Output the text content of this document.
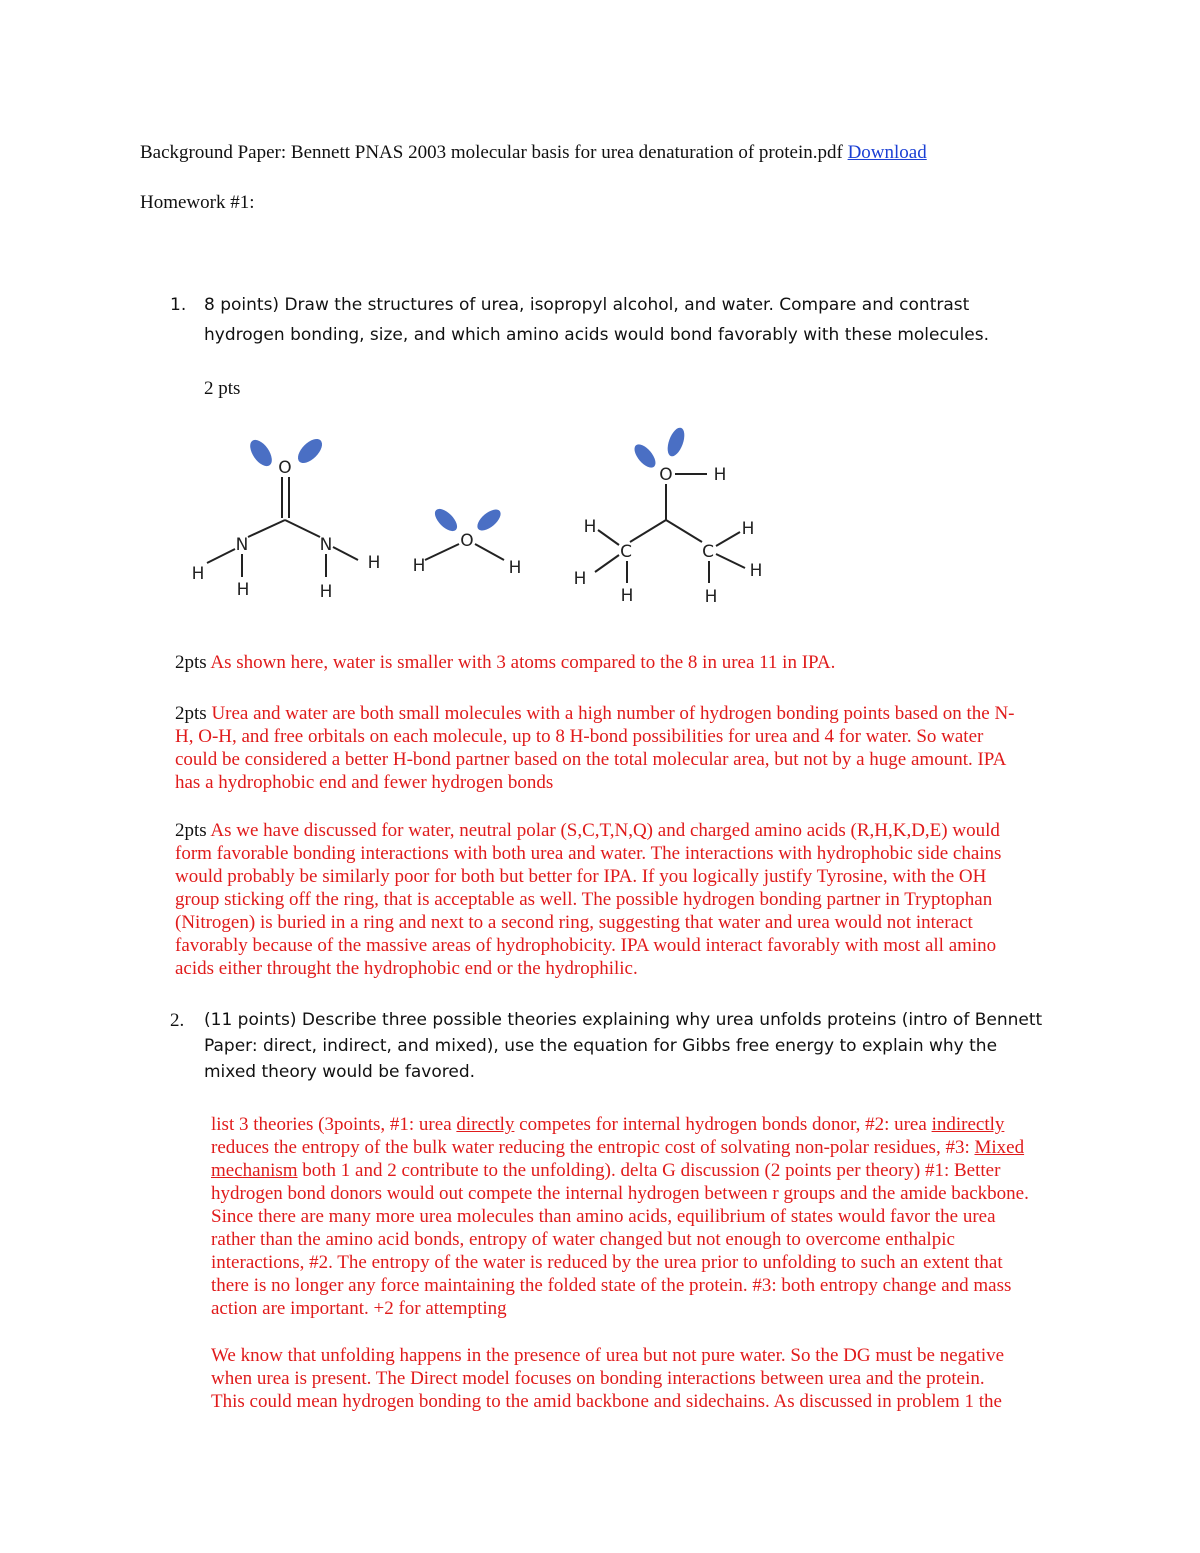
Background Paper: Bennett PNAS 2003 molecular basis for urea denaturation of protein.pdf Download
Homework #1:
1. 8 points) Draw the structures of urea, isopropyl alcohol, and water. Compare and contrast
hydrogen bonding, size, and which amino acids would bond favorably with these molecules.
2 pts
O
N	N
H
H	H
H
O
H	H
O H
C	C
H
H
H
H
H
H
2pts As shown here, water is smaller with 3 atoms compared to the 8 in urea 11 in IPA.
2pts Urea and water are both small molecules with a high number of hydrogen bonding points based on the N-
H, O-H, and free orbitals on each molecule, up to 8 H-bond possibilities for urea and 4 for water. So water
could be considered a better H-bond partner based on the total molecular area, but not by a huge amount. IPA
has a hydrophobic end and fewer hydrogen bonds
2pts As we have discussed for water, neutral polar (S,C,T,N,Q) and charged amino acids (R,H,K,D,E) would
form favorable bonding interactions with both urea and water. The interactions with hydrophobic side chains
would probably be similarly poor for both but better for IPA. If you logically justify Tyrosine, with the OH
group sticking off the ring, that is acceptable as well. The possible hydrogen bonding partner in Tryptophan
(Nitrogen) is buried in a ring and next to a second ring, suggesting that water and urea would not interact
favorably because of the massive areas of hydrophobicity. IPA would interact favorably with most all amino
acids either throught the hydrophobic end or the hydrophilic.
2. (11 points) Describe three possible theories explaining why urea unfolds proteins (intro of Bennett
Paper: direct, indirect, and mixed), use the equation for Gibbs free energy to explain why the
mixed theory would be favored.
list 3 theories (3points, #1: urea directly competes for internal hydrogen bonds donor, #2: urea indirectly
reduces the entropy of the bulk water reducing the entropic cost of solvating non-polar residues, #3: Mixed
mechanism both 1 and 2 contribute to the unfolding). delta G discussion (2 points per theory) #1: Better
hydrogen bond donors would out compete the internal hydrogen between r groups and the amide backbone.
Since there are many more urea molecules than amino acids, equilibrium of states would favor the urea
rather than the amino acid bonds, entropy of water changed but not enough to overcome enthalpic
interactions, #2. The entropy of the water is reduced by the urea prior to unfolding to such an extent that
there is no longer any force maintaining the folded state of the protein. #3: both entropy change and mass
action are important. +2 for attempting
We know that unfolding happens in the presence of urea but not pure water. So the DG must be negative
when urea is present. The Direct model focuses on bonding interactions between urea and the protein.
This could mean hydrogen bonding to the amid backbone and sidechains. As discussed in problem 1 the
